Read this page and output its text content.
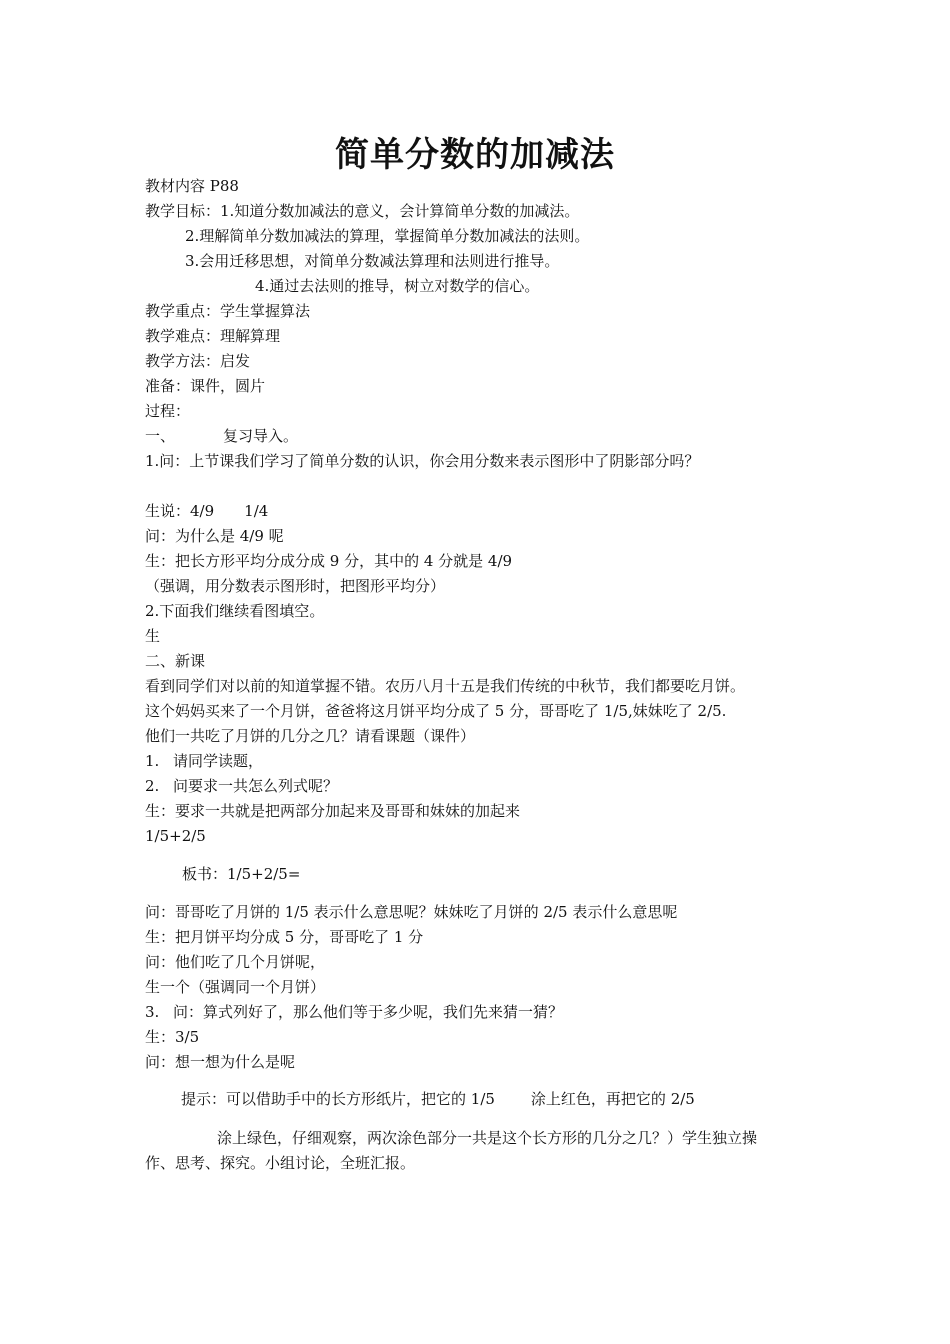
简单分数的加减法
教材内容 P88
教学目标：1.知道分数加减法的意义，会计算简单分数的加减法。
2.理解简单分数加减法的算理，掌握简单分数加减法的法则。
3.会用迁移思想，对简单分数减法算理和法则进行推导。
4.通过去法则的推导，树立对数学的信心。
教学重点：学生掌握算法
教学难点：理解算理
教学方法：启发
准备：课件，圆片
过程：
一、	复习导入。
1.问：上节课我们学习了简单分数的认识，你会用分数来表示图形中了阴影部分吗？
生说：4/9 1/4
问：为什么是 4/9 呢
生：把长方形平均分成分成 9 分，其中的 4 分就是 4/9
（强调，用分数表示图形时，把图形平均分）
2.下面我们继续看图填空。
生
二、新课
看到同学们对以前的知道掌握不错。农历八月十五是我们传统的中秋节，我们都要吃月饼。
这个妈妈买来了一个月饼，爸爸将这月饼平均分成了 5 分，哥哥吃了 1/5,妹妹吃了 2/5.
他们一共吃了月饼的几分之几？请看课题（课件）
1. 请同学读题，
2. 问要求一共怎么列式呢？
生：要求一共就是把两部分加起来及哥哥和妹妹的加起来
1/5+2/5
板书：1/5+2/5=
问：哥哥吃了月饼的 1/5 表示什么意思呢？妹妹吃了月饼的 2/5 表示什么意思呢
生：把月饼平均分成 5 分，哥哥吃了 1 分
问：他们吃了几个月饼呢，
生一个（强调同一个月饼）
3. 问：算式列好了，那么他们等于多少呢，我们先来猜一猜？
生：3/5
问：想一想为什么是呢
提示：可以借助手中的长方形纸片，把它的 1/5 涂上红色，再把它的 2/5
涂上绿色，仔细观察，两次涂色部分一共是这个长方形的几分之几？）学生独立操
作、思考、探究。小组讨论，全班汇报。
